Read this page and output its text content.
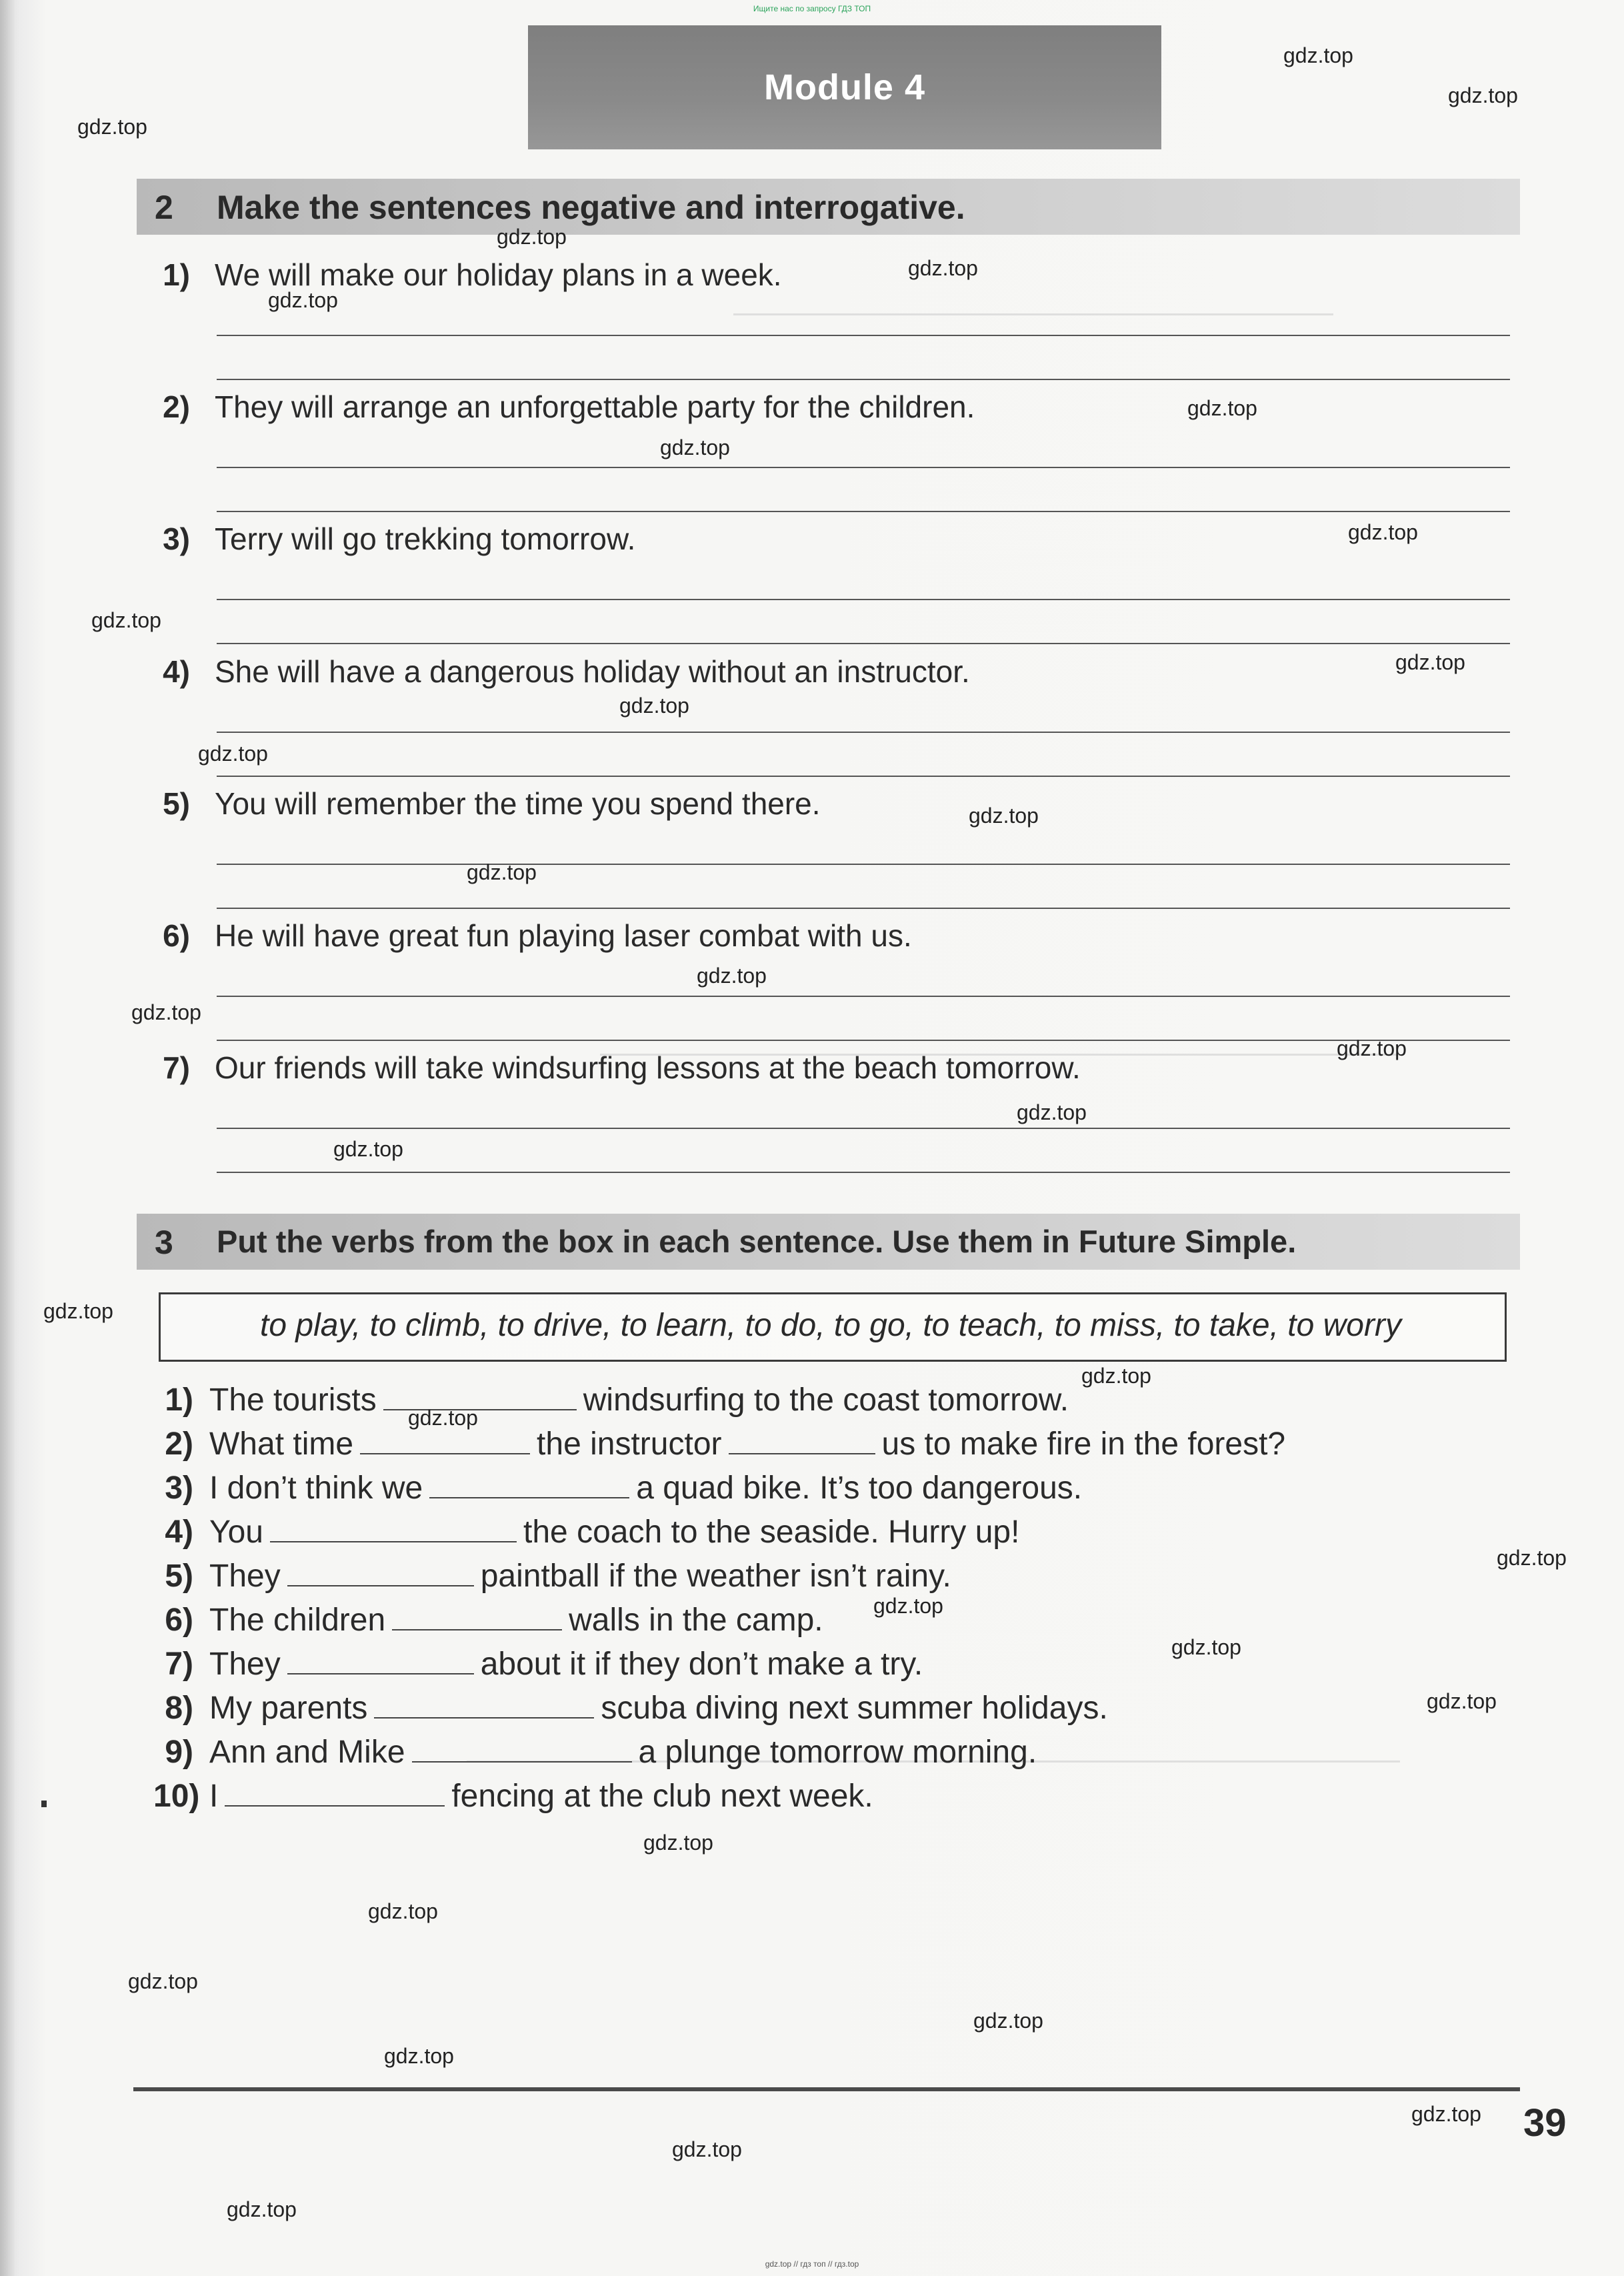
Ищите нас по запросу ГДЗ ТОП
Module 4
2 Make the sentences negative and interrogative.
1) We will make our holiday plans in a week.
2) They will arrange an unforgettable party for the children.
3) Terry will go trekking tomorrow.
4) She will have a dangerous holiday without an instructor.
5) You will remember the time you spend there.
6) He will have great fun playing laser combat with us.
7) Our friends will take windsurfing lessons at the beach tomorrow.
3 Put the verbs from the box in each sentence. Use them in Future Simple.
to play, to climb, to drive, to learn, to do, to go, to teach, to miss, to take, to worry
1) The tourists	windsurfing to the coast tomorrow.
2) What time	the instructor	us to make fire in the forest?
3) I don’t think we	a quad bike. It’s too dangerous.
4) You	the coach to the seaside. Hurry up!
5) They	paintball if the weather isn’t rainy.
6) The children	walls in the camp.
7) They	about it if they don’t make a try.
8) My parents	scuba diving next summer holidays.
9) Ann and Mike	a plunge tomorrow morning.
10) I	fencing at the club next week.
39
gdz.top // гдз топ // гдз.top
gdz.top
gdz.top
gdz.top
gdz.top
gdz.top
gdz.top
gdz.top
gdz.top
gdz.top
gdz.top
gdz.top
gdz.top
gdz.top
gdz.top
gdz.top
gdz.top
gdz.top
gdz.top
gdz.top
gdz.top
gdz.top
gdz.top
gdz.top
gdz.top
gdz.top
gdz.top
gdz.top
gdz.top
gdz.top
gdz.top
gdz.top
gdz.top
gdz.top
gdz.top
gdz.top
